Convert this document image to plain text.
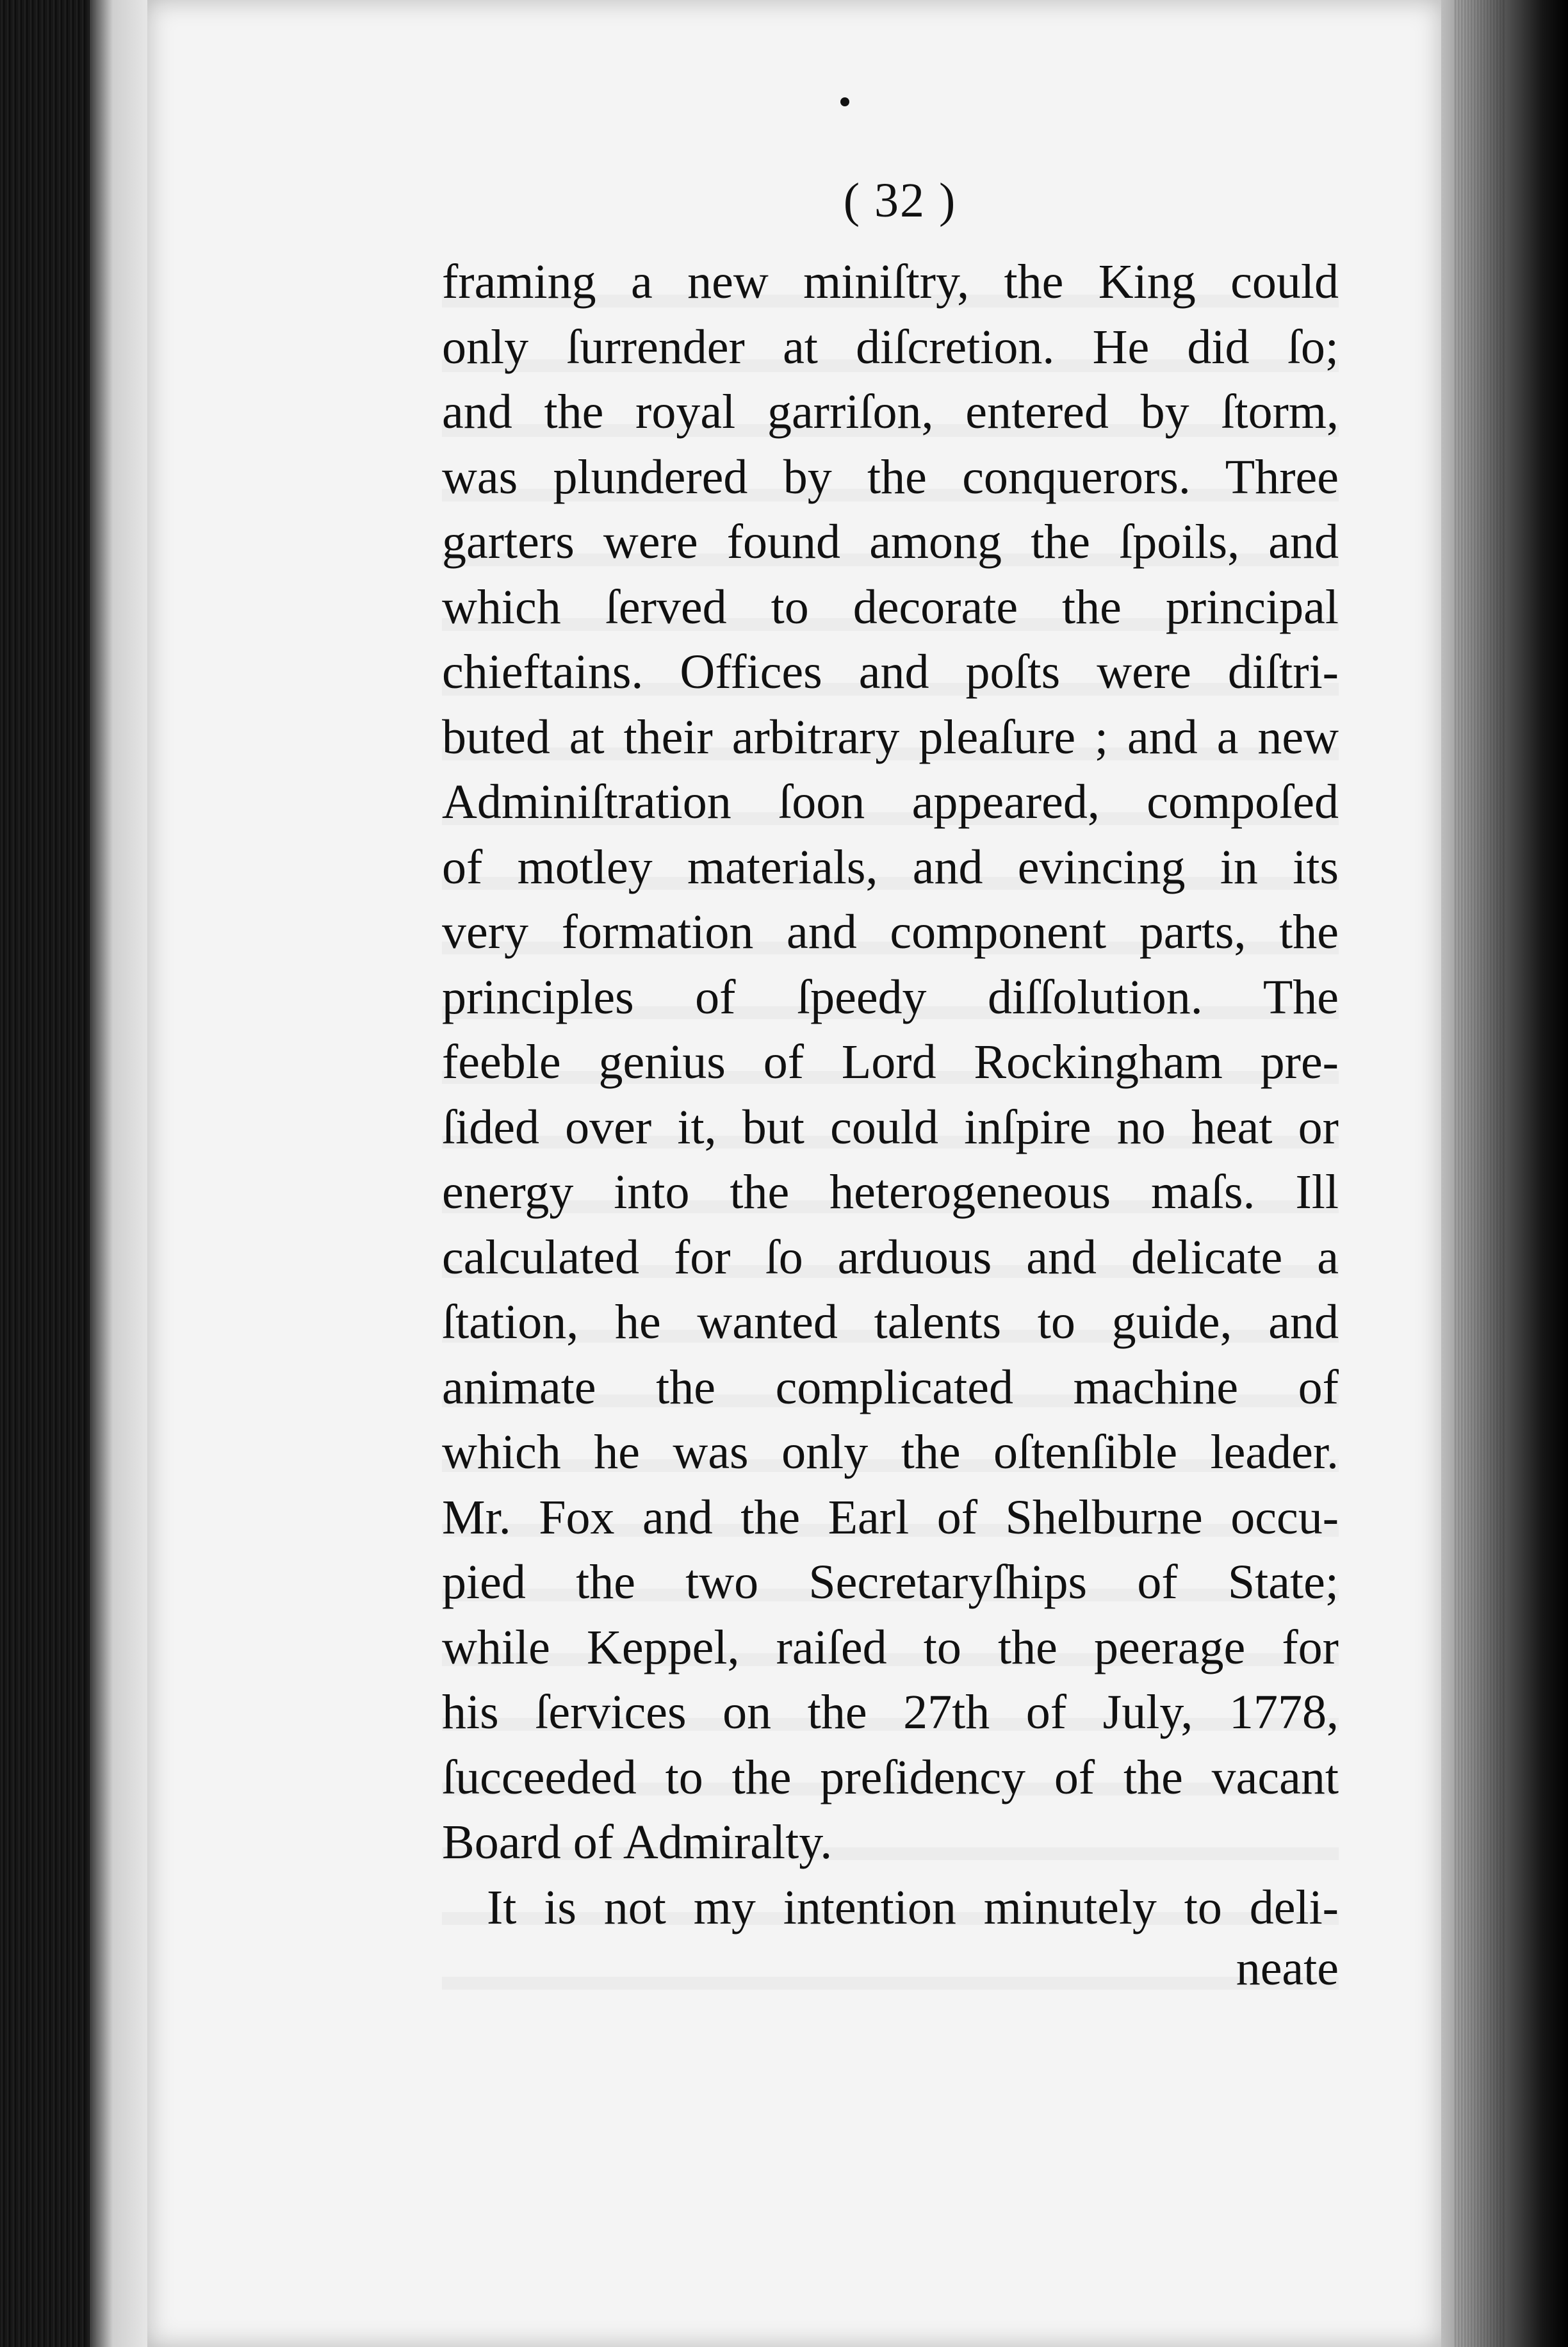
( 32 )
framing a new miniſtry, the King could
only ſurrender at diſcretion. He did ſo;
and the royal garriſon, entered by ſtorm,
was plundered by the conquerors. Three
garters were found among the ſpoils, and
which ſerved to decorate the principal
chieftains. Offices and poſts were diſtri-
buted at their arbitrary pleaſure ; and a new
Adminiſtration ſoon appeared, compoſed
of motley materials, and evincing in its
very formation and component parts, the
principles of ſpeedy diſſolution. The
feeble genius of Lord Rockingham pre-
ſided over it, but could inſpire no heat or
energy into the heterogeneous maſs. Ill
calculated for ſo arduous and delicate a
ſtation, he wanted talents to guide, and
animate the complicated machine of
which he was only the oſtenſible leader.
Mr. Fox and the Earl of Shelburne occu-
pied the two Secretaryſhips of State;
while Keppel, raiſed to the peerage for
his ſervices on the 27th of July, 1778,
ſucceeded to the preſidency of the vacant
Board of Admiralty.
It is not my intention minutely to deli-
neate
